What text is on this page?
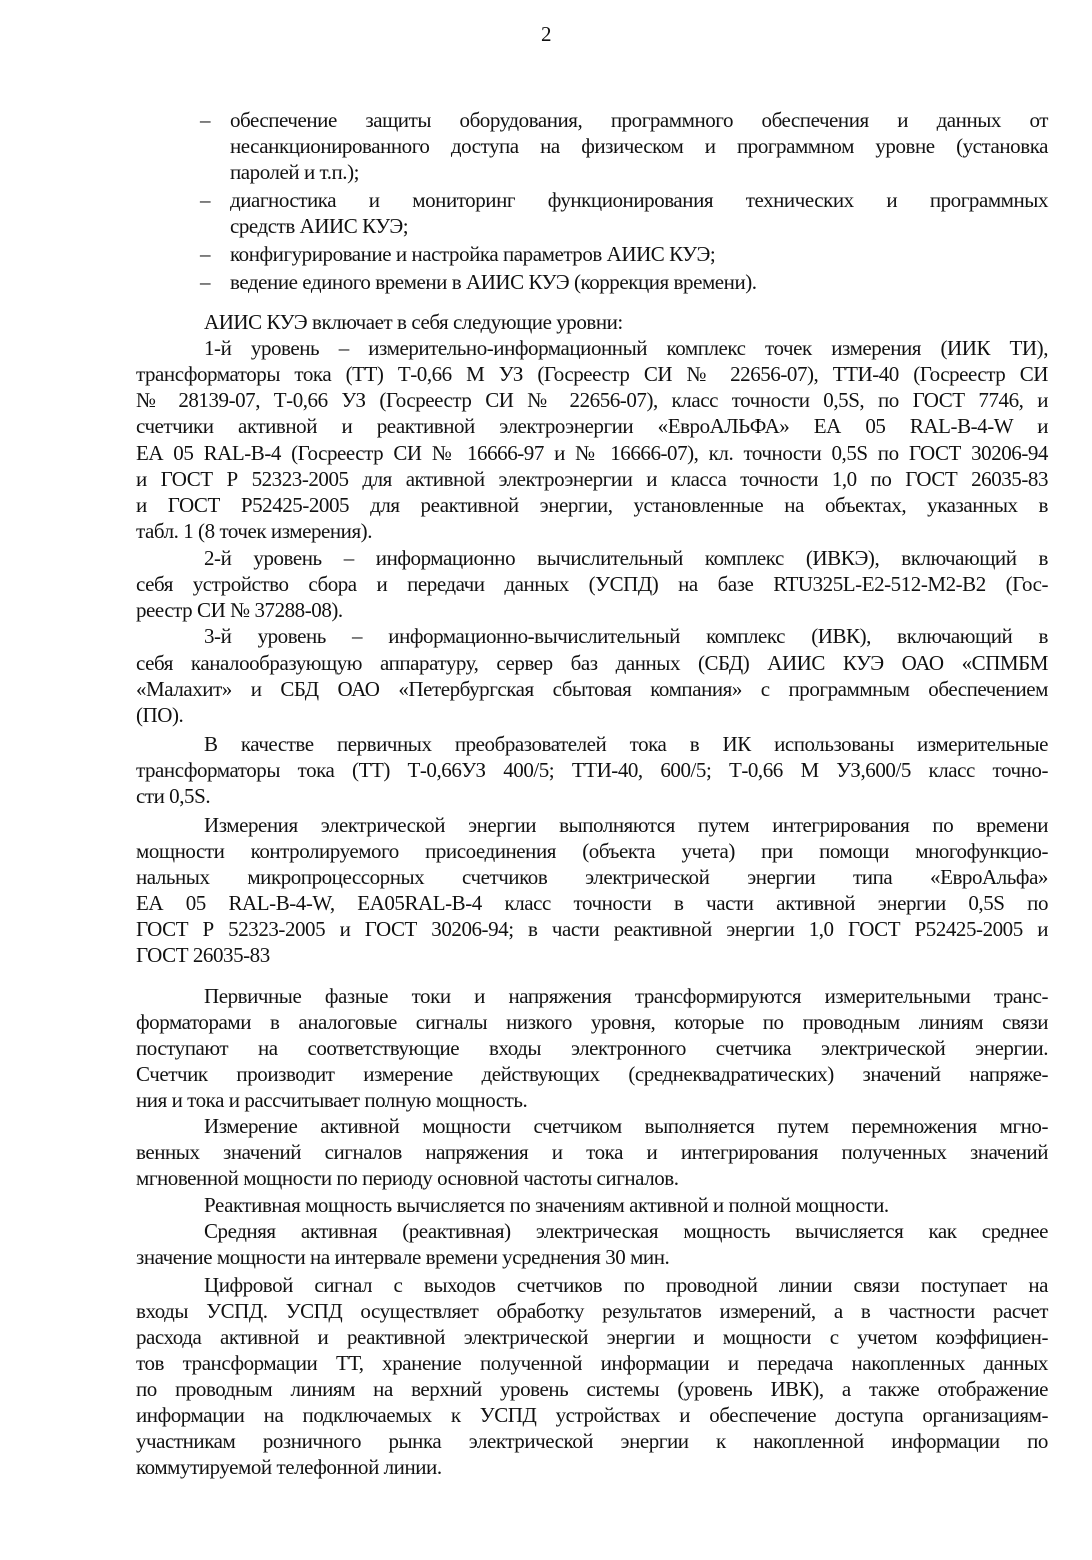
2
– обеспечение защиты оборудования, программного обеспечения и данных от
несанкционированного доступа на физическом и программном уровне (установка
паролей и т.п.);
– диагностика и мониторинг функционирования технических и программных
средств АИИС КУЭ;
– конфигурирование и настройка параметров АИИС КУЭ;
– ведение единого времени в АИИС КУЭ (коррекция времени).
АИИС КУЭ включает в себя следующие уровни:
1-й уровень – измерительно-информационный комплекс точек измерения (ИИК ТИ),
трансформаторы тока (ТТ) Т-0,66 М УЗ (Госреестр СИ № 22656-07), ТТИ-40 (Госреестр СИ
№ 28139-07, Т-0,66 УЗ (Госреестр СИ № 22656-07), класс точности 0,5S, по ГОСТ 7746, и
счетчики активной и реактивной электроэнергии «ЕвроАЛЬФА» ЕА 05 RAL-B-4-W и
ЕА 05 RAL-B-4 (Госреестр СИ № 16666-97 и № 16666-07), кл. точности 0,5S по ГОСТ 30206-94
и ГОСТ Р 52323-2005 для активной электроэнергии и класса точности 1,0 по ГОСТ 26035-83
и ГОСТ Р52425-2005 для реактивной энергии, установленные на объектах, указанных в
табл. 1 (8 точек измерения).
2-й уровень – информационно вычислительный комплекс (ИВКЭ), включающий в
себя устройство сбора и передачи данных (УСПД) на базе RTU325L-E2-512-M2-B2 (Гос-
реестр СИ № 37288-08).
3-й уровень – информационно-вычислительный комплекс (ИВК), включающий в
себя каналообразующую аппаратуру, сервер баз данных (СБД) АИИС КУЭ ОАО «СПМБМ
«Малахит» и СБД ОАО «Петербургская сбытовая компания» с программным обеспечением
(ПО).
В качестве первичных преобразователей тока в ИК использованы измерительные
трансформаторы тока (ТТ) Т-0,66УЗ 400/5; ТТИ-40, 600/5; Т-0,66 М УЗ,600/5 класс точно-
сти 0,5S.
Измерения электрической энергии выполняются путем интегрирования по времени
мощности контролируемого присоединения (объекта учета) при помощи многофункцио-
нальных микропроцессорных счетчиков электрической энергии типа «ЕвроАльфа»
ЕА 05 RAL-B-4-W, EA05RAL-B-4 класс точности в части активной энергии 0,5S по
ГОСТ Р 52323-2005 и ГОСТ 30206-94; в части реактивной энергии 1,0 ГОСТ Р52425-2005 и
ГОСТ 26035-83
Первичные фазные токи и напряжения трансформируются измерительными транс-
форматорами в аналоговые сигналы низкого уровня, которые по проводным линиям связи
поступают на соответствующие входы электронного счетчика электрической энергии.
Счетчик производит измерение действующих (среднеквадратических) значений напряже-
ния и тока и рассчитывает полную мощность.
Измерение активной мощности счетчиком выполняется путем перемножения мгно-
венных значений сигналов напряжения и тока и интегрирования полученных значений
мгновенной мощности по периоду основной частоты сигналов.
Реактивная мощность вычисляется по значениям активной и полной мощности.
Средняя активная (реактивная) электрическая мощность вычисляется как среднее
значение мощности на интервале времени усреднения 30 мин.
Цифровой сигнал с выходов счетчиков по проводной линии связи поступает на
входы УСПД. УСПД осуществляет обработку результатов измерений, а в частности расчет
расхода активной и реактивной электрической энергии и мощности с учетом коэффициен-
тов трансформации ТТ, хранение полученной информации и передача накопленных данных
по проводным линиям на верхний уровень системы (уровень ИВК), а также отображение
информации на подключаемых к УСПД устройствах и обеспечение доступа организациям-
участникам розничного рынка электрической энергии к накопленной информации по
коммутируемой телефонной линии.
